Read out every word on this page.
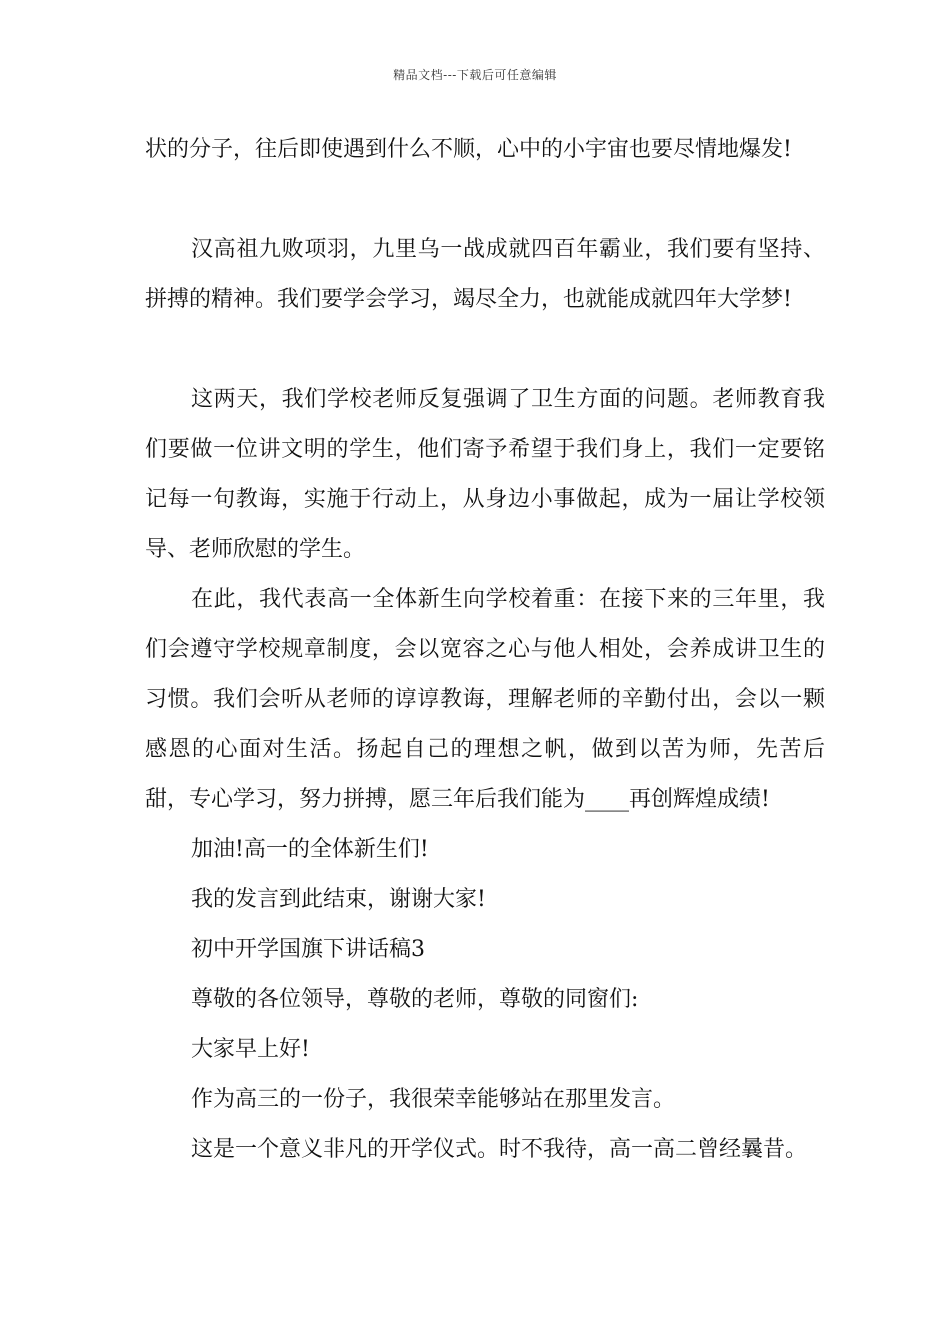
精品文档---下载后可任意编辑

状的分子，往后即使遇到什么不顺，心中的小宇宙也要尽情地爆发!

汉高祖九败项羽，九里乌一战成就四百年霸业，我们要有坚持、拼搏的精神。我们要学会学习，竭尽全力，也就能成就四年大学梦!

这两天，我们学校老师反复强调了卫生方面的问题。老师教育我们要做一位讲文明的学生，他们寄予希望于我们身上，我们一定要铭记每一句教诲，实施于行动上，从身边小事做起，成为一届让学校领导、老师欣慰的学生。

在此，我代表高一全体新生向学校着重：在接下来的三年里，我们会遵守学校规章制度，会以宽容之心与他人相处，会养成讲卫生的习惯。我们会听从老师的谆谆教诲，理解老师的辛勤付出，会以一颗感恩的心面对生活。扬起自己的理想之帆，做到以苦为师，先苦后甜，专心学习，努力拼搏，愿三年后我们能为____再创辉煌成绩!

加油!高一的全体新生们!

我的发言到此结束，谢谢大家!

初中开学国旗下讲话稿3

尊敬的各位领导，尊敬的老师，尊敬的同窗们:

大家早上好!

作为高三的一份子，我很荣幸能够站在那里发言。

这是一个意义非凡的开学仪式。时不我待，高一高二曾经曩昔。
